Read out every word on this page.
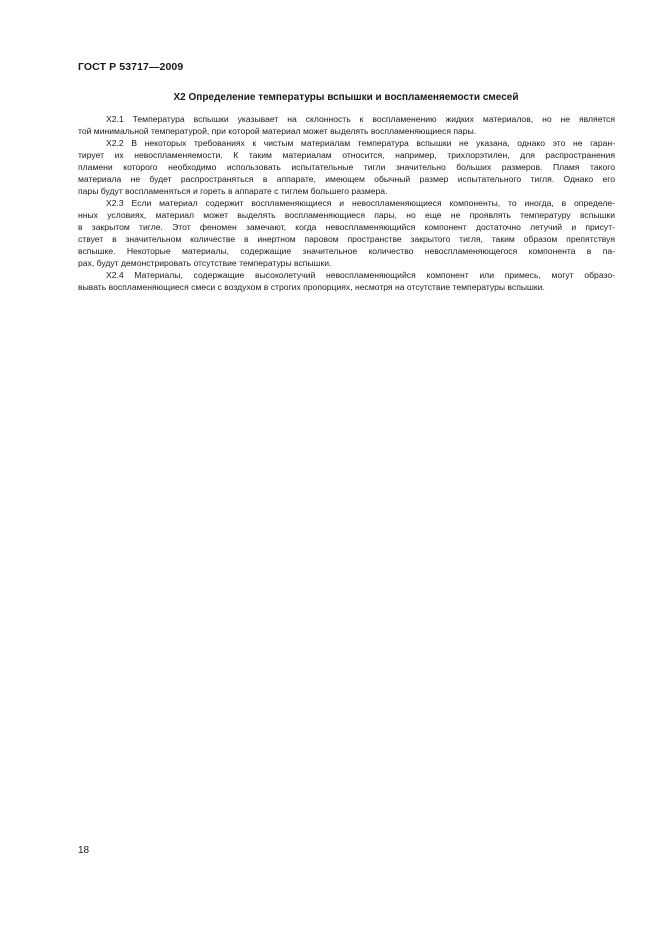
ГОСТ Р 53717—2009
Х2 Определение температуры вспышки и воспламеняемости смесей

Х2.1 Температура вспышки указывает на склонность к воспламенению жидких материалов, но не является
той минимальной температурой, при которой материал может выделять воспламеняющиеся пары.

Х2.2 В некоторых требованиях к чистым материалам температура вспышки не указана, однако это не гаран-
тирует их невоспламеняемости. К таким материалам относится, например, трихлорэтилен, для распространения
пламени которого необходимо использовать испытательные тигли значительно больших размеров. Пламя такого
материала не будет распространяться в аппарате, имеющем обычный размер испытательного тигля. Однако его
пары будут воспламеняться и гореть в аппарате с тиглем большего размера.

Х2.3 Если материал содержит воспламеняющиеся и невоспламеняющиеся компоненты, то иногда, в определе-
нных условиях, материал может выделять воспламеняющиеся пары, но еще не проявлять температуру вспышки
в закрытом тигле. Этот феномен замечают, когда невоспламеняющийся компонент достаточно летучий и присут-
ствует в значительном количестве в инертном паровом пространстве закрытого тигля, таким образом препятствуя
вспышке. Некоторые материалы, содержащие значительное количество невоспламеняющегося компонента в па-
рах, будут демонстрировать отсутствие температуры вспышки.

Х2.4 Материалы, содержащие высоколетучий невоспламеняющийся компонент или примесь, могут образо-
вывать воспламеняющиеся смеси с воздухом в строгих пропорциях, несмотря на отсутствие температуры вспышки.

18
